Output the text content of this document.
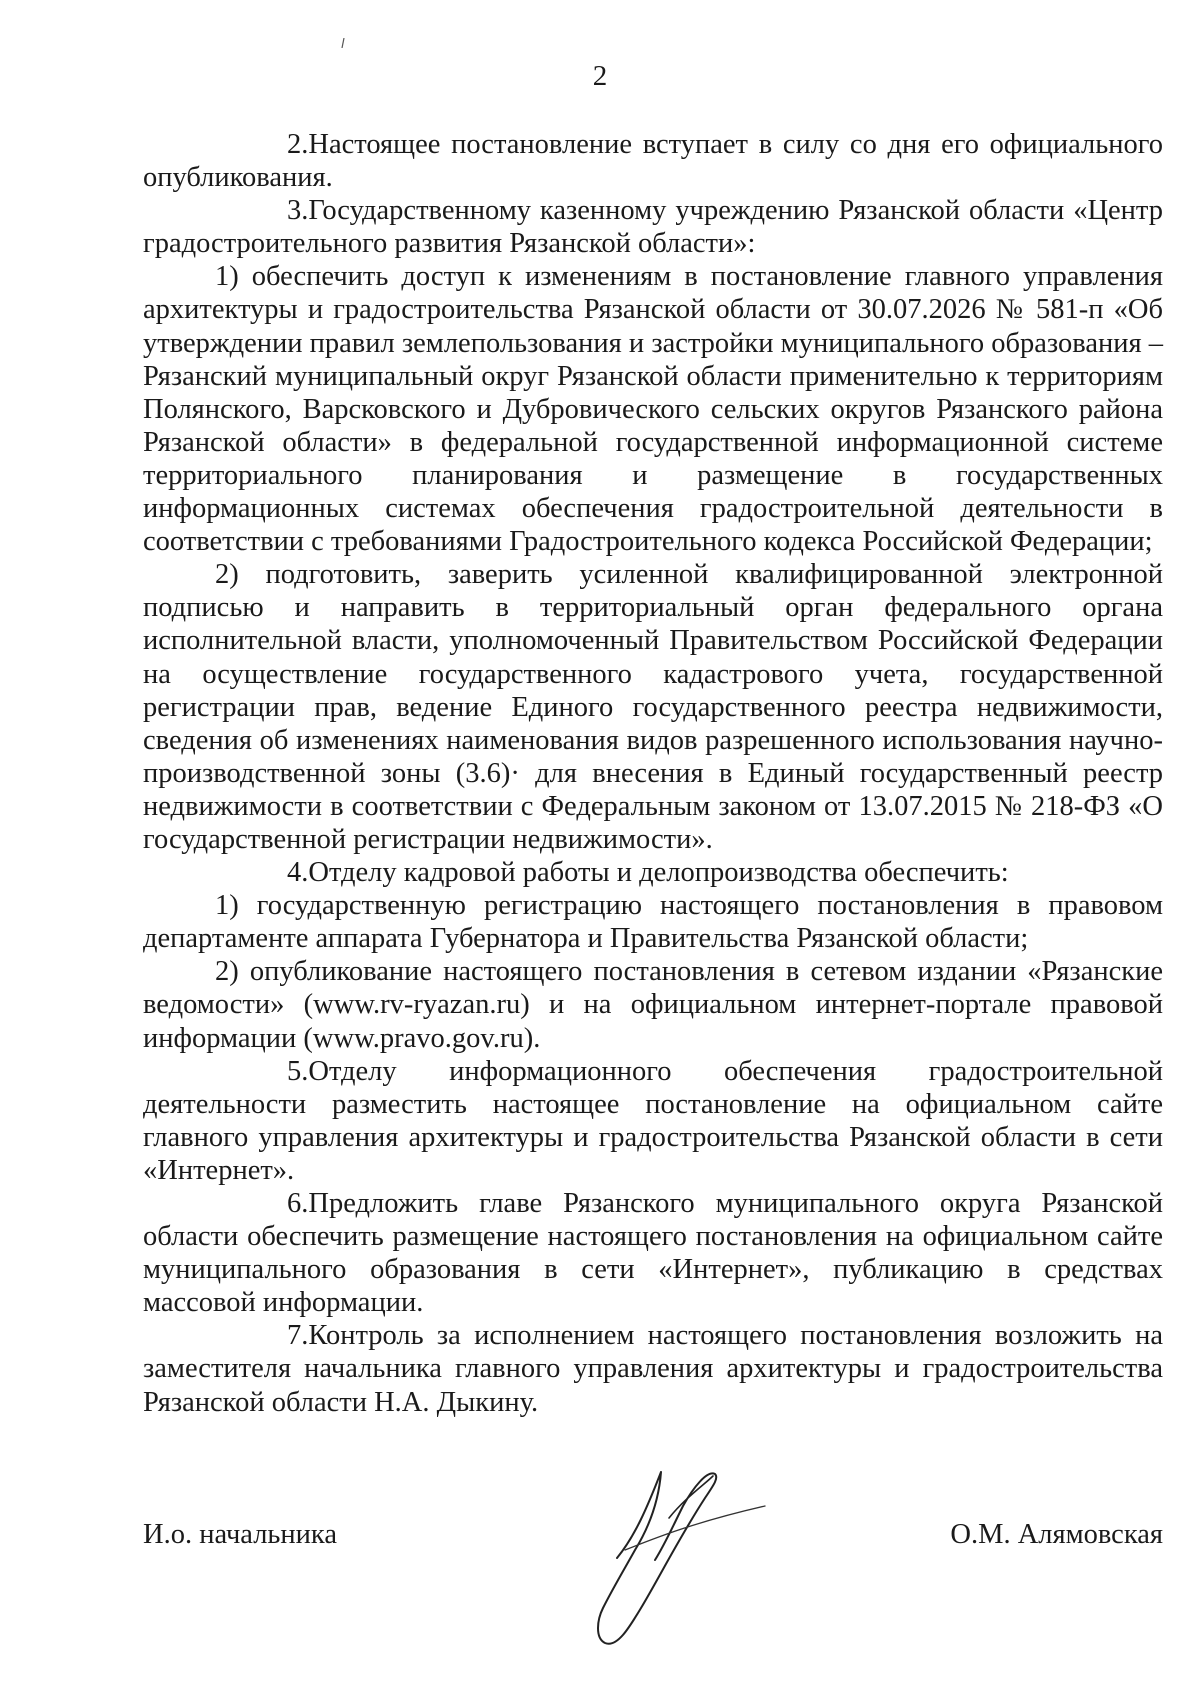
2

2.Настоящее постановление вступает в силу со дня его официального опубликования.

3.Государственному казенному учреждению Рязанской области «Центр градостроительного развития Рязанской области»:

1) обеспечить доступ к изменениям в постановление главного управления архитектуры и градостроительства Рязанской области от 30.07.2026 № 581-п «Об утверждении правил землепользования и застройки муниципального образования – Рязанский муниципальный округ Рязанской области применительно к территориям Полянского, Варсковского и Дубровического сельских округов Рязанского района Рязанской области» в федеральной государственной информационной системе территориального планирования и размещение в государственных информационных системах обеспечения градостроительной деятельности в соответствии с требованиями Градостроительного кодекса Российской Федерации;

2) подготовить, заверить усиленной квалифицированной электронной подписью и направить в территориальный орган федерального органа исполнительной власти, уполномоченный Правительством Российской Федерации на осуществление государственного кадастрового учета, государственной регистрации прав, ведение Единого государственного реестра недвижимости, сведения об изменениях наименования видов разрешенного использования научно-производственной зоны (3.6)· для внесения в Единый государственный реестр недвижимости в соответствии с Федеральным законом от 13.07.2015 № 218-ФЗ «О государственной регистрации недвижимости».

4.Отделу кадровой работы и делопроизводства обеспечить:

1) государственную регистрацию настоящего постановления в правовом департаменте аппарата Губернатора и Правительства Рязанской области;

2) опубликование настоящего постановления в сетевом издании «Рязанские ведомости» (www.rv-ryazan.ru) и на официальном интернет-портале правовой информации (www.pravo.gov.ru).

5.Отделу информационного обеспечения градостроительной деятельности разместить настоящее постановление на официальном сайте главного управления архитектуры и градостроительства Рязанской области в сети «Интернет».

6.Предложить главе Рязанского муниципального округа Рязанской области обеспечить размещение настоящего постановления на официальном сайте муниципального образования в сети «Интернет», публикацию в средствах массовой информации.

7.Контроль за исполнением настоящего постановления возложить на заместителя начальника главного управления архитектуры и градостроительства Рязанской области Н.А. Дыкину.

И.о. начальника	О.М. Алямовская
